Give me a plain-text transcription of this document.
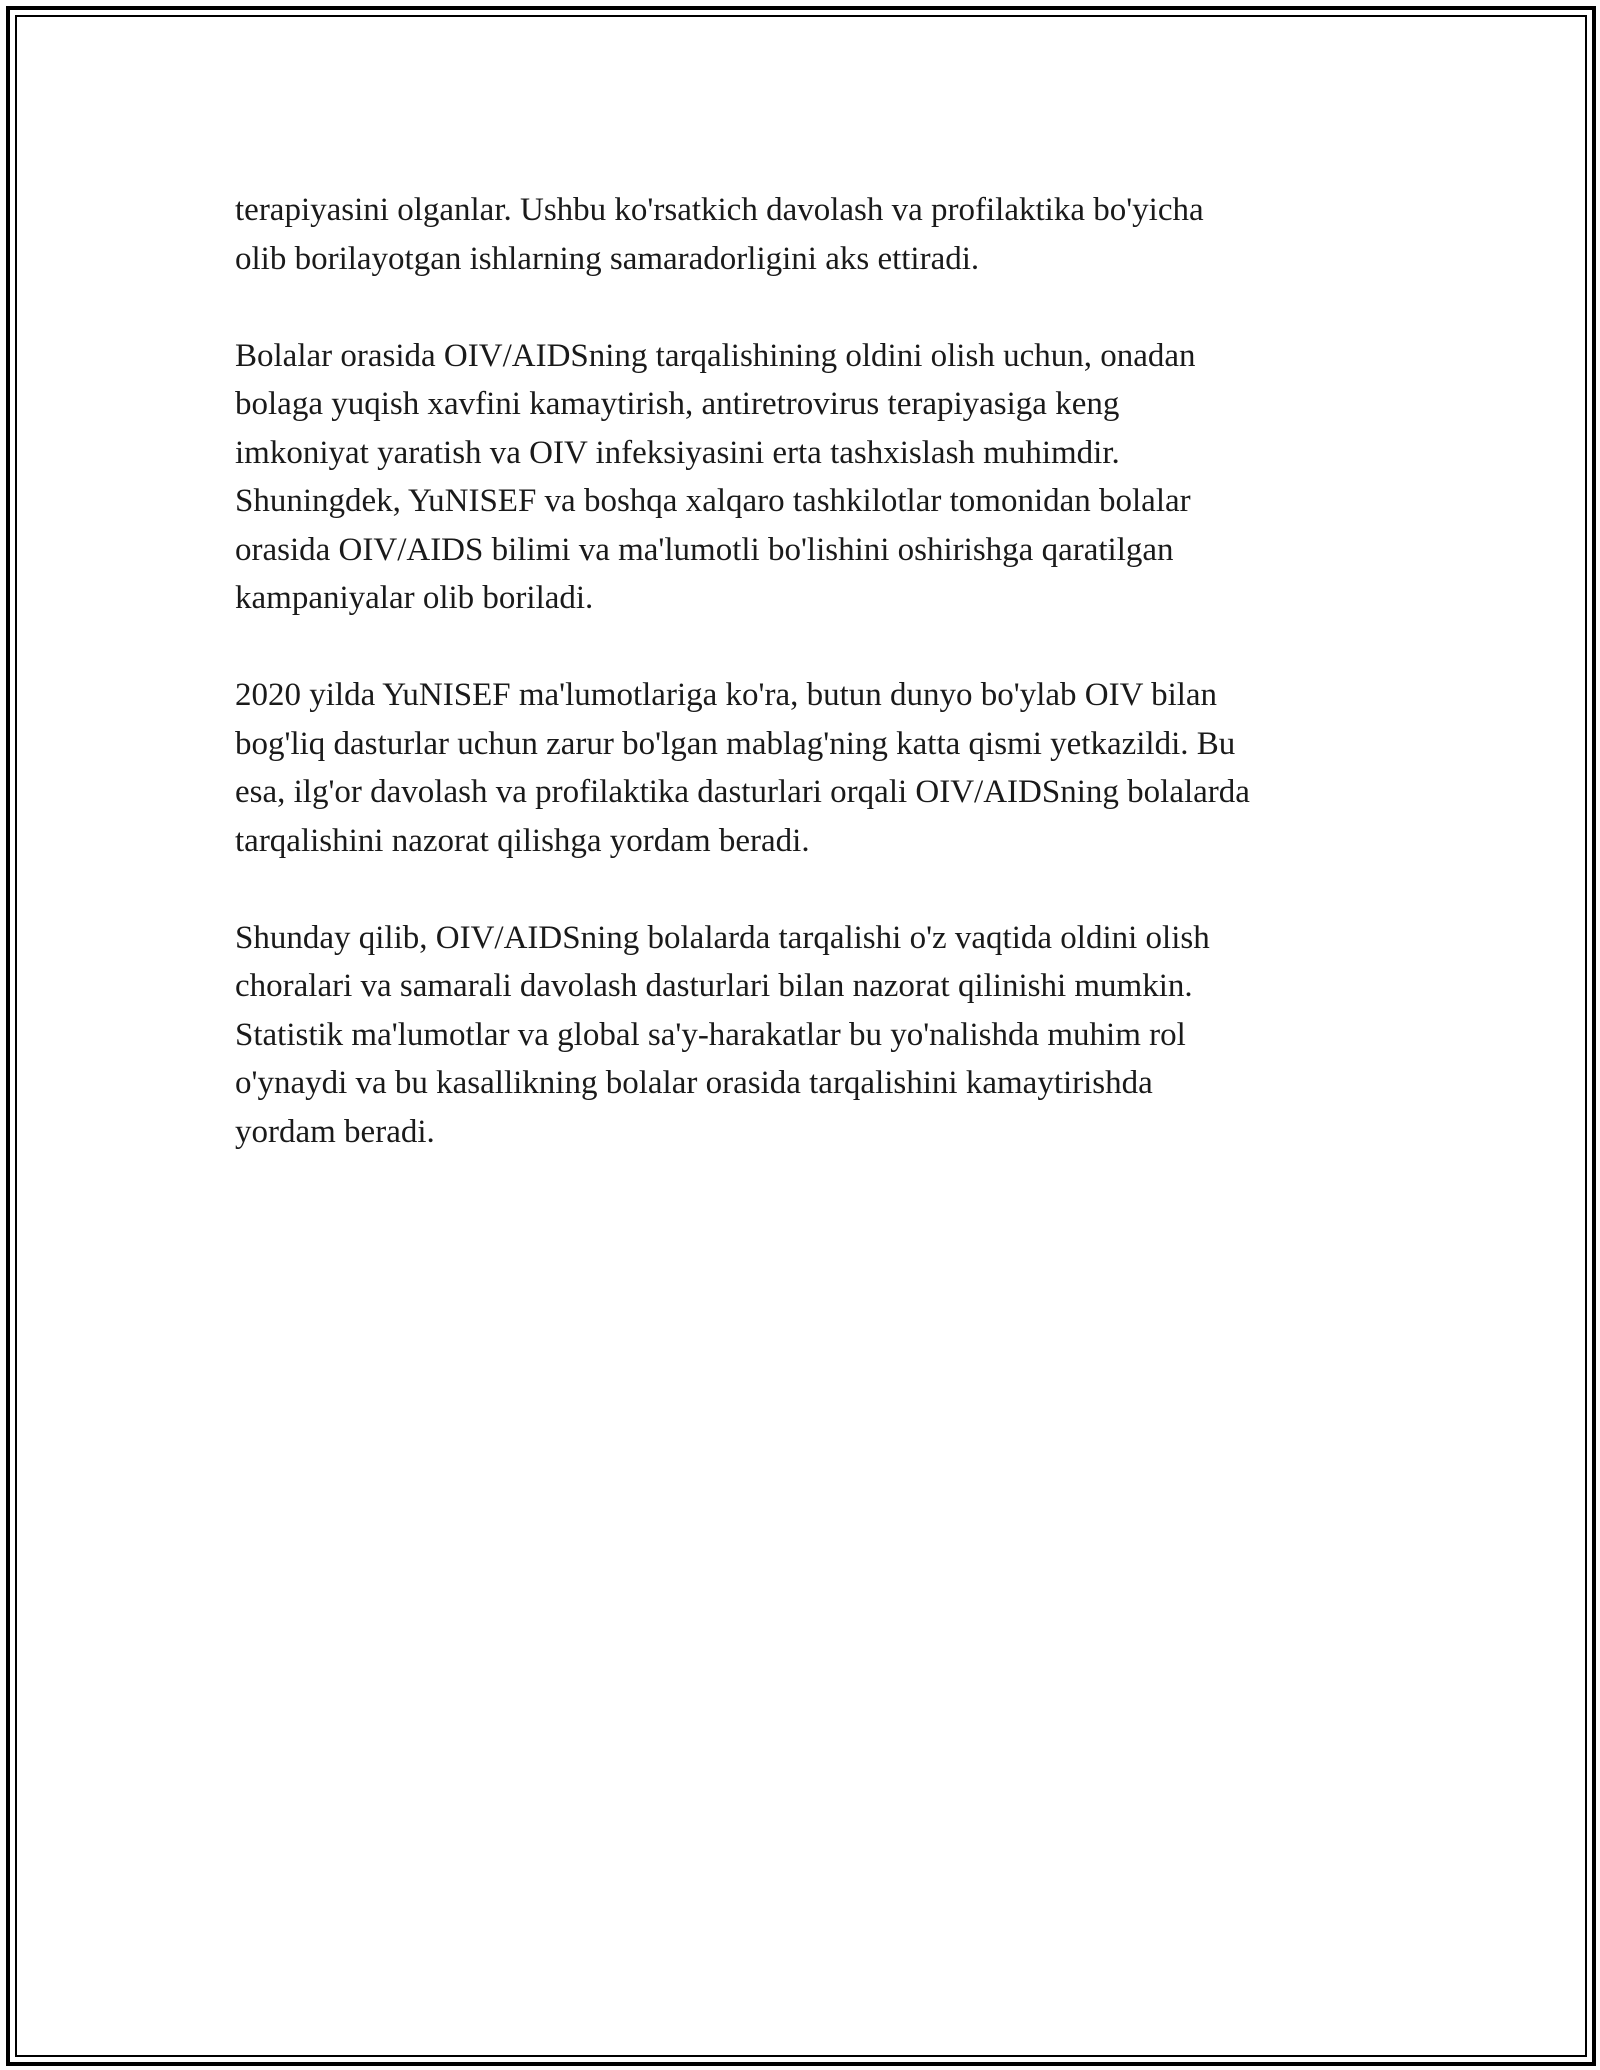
terapiyasini olganlar. Ushbu ko'rsatkich davolash va profilaktika bo'yicha
olib borilayotgan ishlarning samaradorligini aks ettiradi.

Bolalar orasida OIV/AIDSning tarqalishining oldini olish uchun, onadan
bolaga yuqish xavfini kamaytirish, antiretrovirus terapiyasiga keng
imkoniyat yaratish va OIV infeksiyasini erta tashxislash muhimdir.
Shuningdek, YuNISEF va boshqa xalqaro tashkilotlar tomonidan bolalar
orasida OIV/AIDS bilimi va ma'lumotli bo'lishini oshirishga qaratilgan
kampaniyalar olib boriladi.

2020 yilda YuNISEF ma'lumotlariga ko'ra, butun dunyo bo'ylab OIV bilan
bog'liq dasturlar uchun zarur bo'lgan mablag'ning katta qismi yetkazildi. Bu
esa, ilg'or davolash va profilaktika dasturlari orqali OIV/AIDSning bolalarda
tarqalishini nazorat qilishga yordam beradi.

Shunday qilib, OIV/AIDSning bolalarda tarqalishi o'z vaqtida oldini olish
choralari va samarali davolash dasturlari bilan nazorat qilinishi mumkin.
Statistik ma'lumotlar va global sa'y-harakatlar bu yo'nalishda muhim rol
o'ynaydi va bu kasallikning bolalar orasida tarqalishini kamaytirishda
yordam beradi.
